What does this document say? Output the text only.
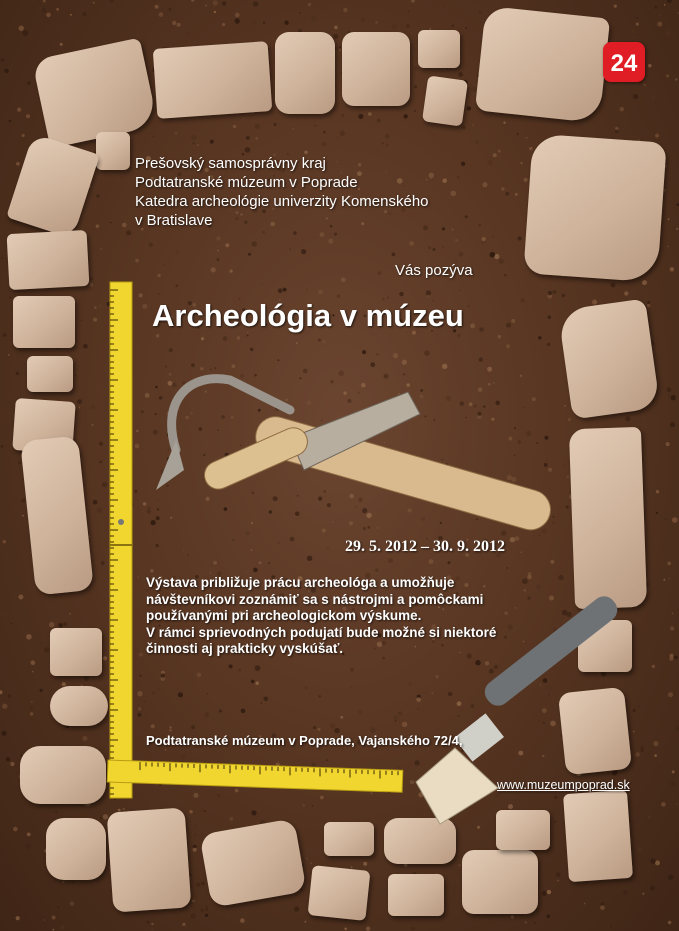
24
Prešovský samosprávny kraj
Podtatranské múzeum v Poprade
Katedra archeológie univerzity Komenského
v Bratislave
Vás pozýva
Archeológia v múzeu
29. 5. 2012 – 30. 9. 2012
Výstava približuje prácu archeológa a umožňuje
návštevníkovi zoznámiť sa s nástrojmi a pomôckami
používanými pri archeologickom výskume.
V rámci sprievodných podujatí bude možné si niektoré
činnosti aj prakticky vyskúšať.
Podtatranské múzeum v Poprade, Vajanského 72/4,
www.muzeumpoprad.sk
